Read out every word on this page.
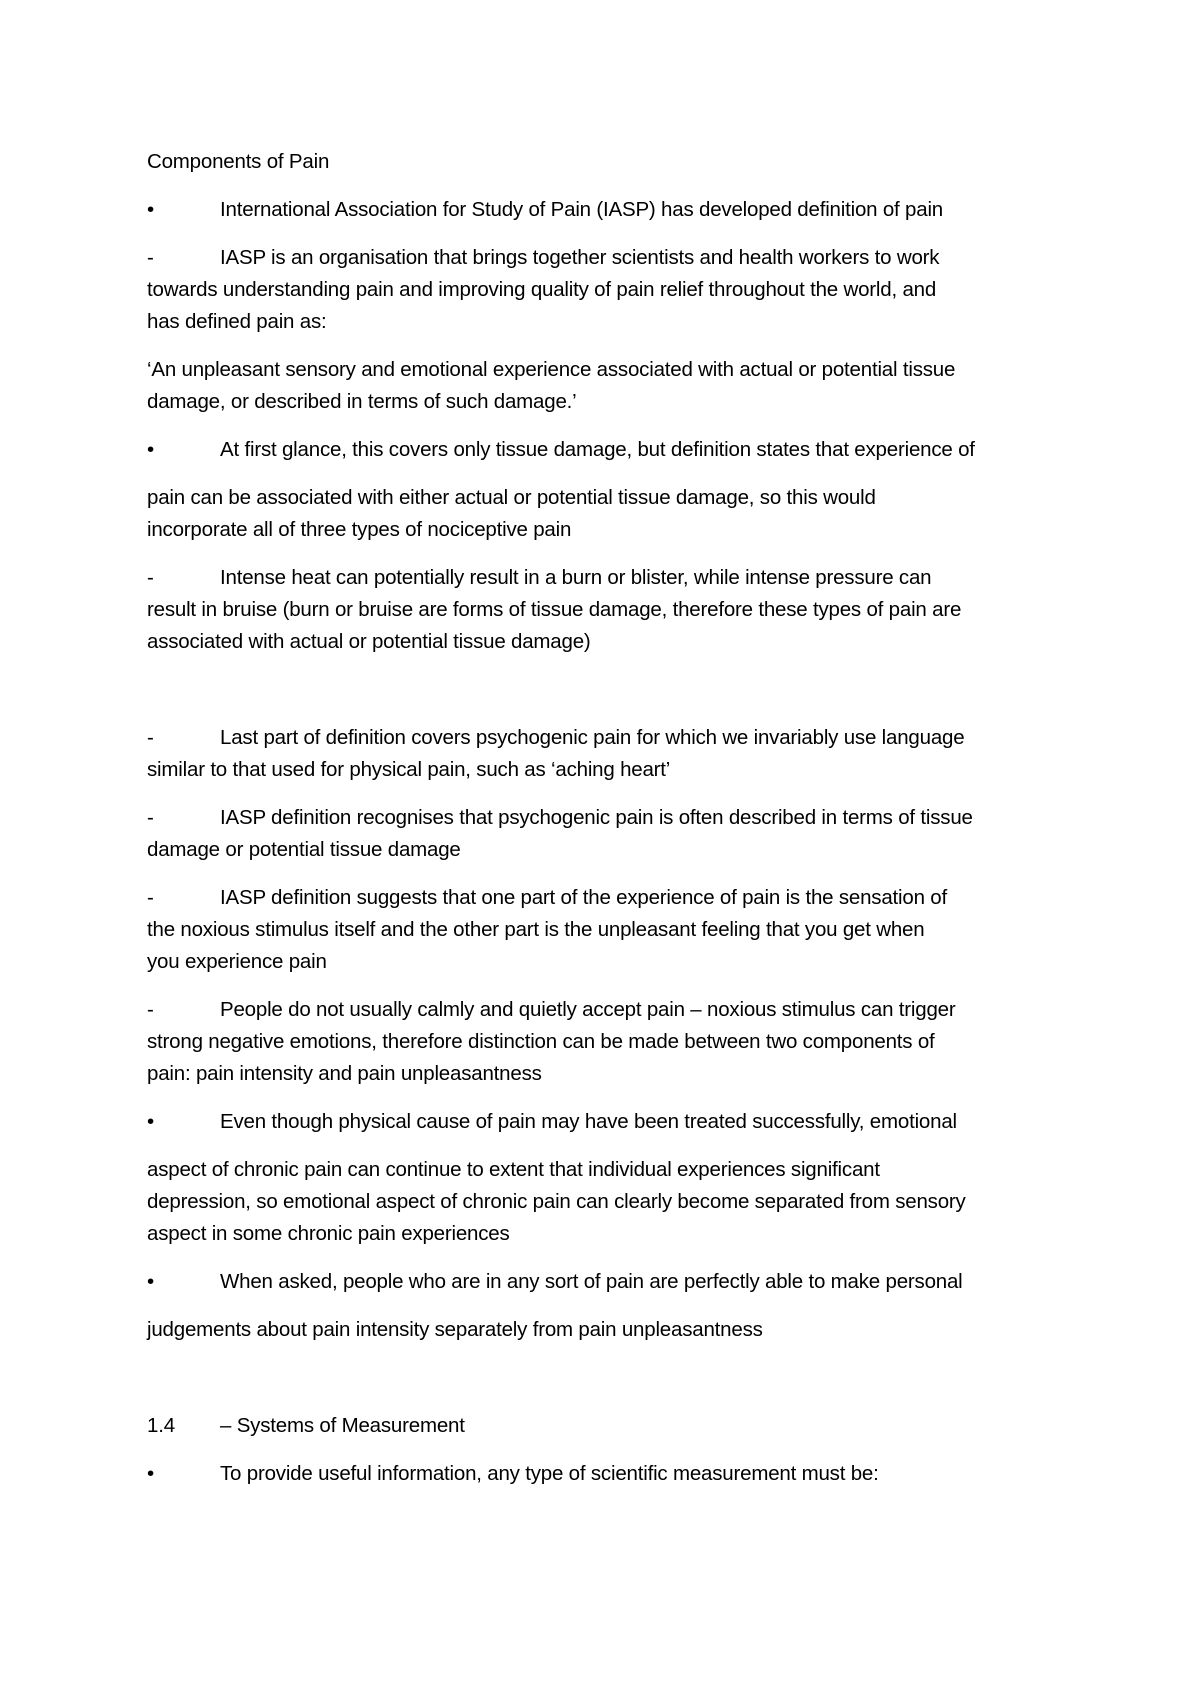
Components of Pain
•	International Association for Study of Pain (IASP) has developed definition of pain
-	IASP is an organisation that brings together scientists and health workers to work
towards understanding pain and improving quality of pain relief throughout the world, and
has defined pain as:
‘An unpleasant sensory and emotional experience associated with actual or potential tissue
damage, or described in terms of such damage.’
•	At first glance, this covers only tissue damage, but definition states that experience of
pain can be associated with either actual or potential tissue damage, so this would
incorporate all of three types of nociceptive pain
-	Intense heat can potentially result in a burn or blister, while intense pressure can
result in bruise (burn or bruise are forms of tissue damage, therefore these types of pain are
associated with actual or potential tissue damage)
-	Last part of definition covers psychogenic pain for which we invariably use language
similar to that used for physical pain, such as ‘aching heart’
-	IASP definition recognises that psychogenic pain is often described in terms of tissue
damage or potential tissue damage
-	IASP definition suggests that one part of the experience of pain is the sensation of
the noxious stimulus itself and the other part is the unpleasant feeling that you get when
you experience pain
-	People do not usually calmly and quietly accept pain – noxious stimulus can trigger
strong negative emotions, therefore distinction can be made between two components of
pain: pain intensity and pain unpleasantness
•	Even though physical cause of pain may have been treated successfully, emotional
aspect of chronic pain can continue to extent that individual experiences significant
depression, so emotional aspect of chronic pain can clearly become separated from sensory
aspect in some chronic pain experiences
•	When asked, people who are in any sort of pain are perfectly able to make personal
judgements about pain intensity separately from pain unpleasantness
1.4 – Systems of Measurement
•	To provide useful information, any type of scientific measurement must be:
